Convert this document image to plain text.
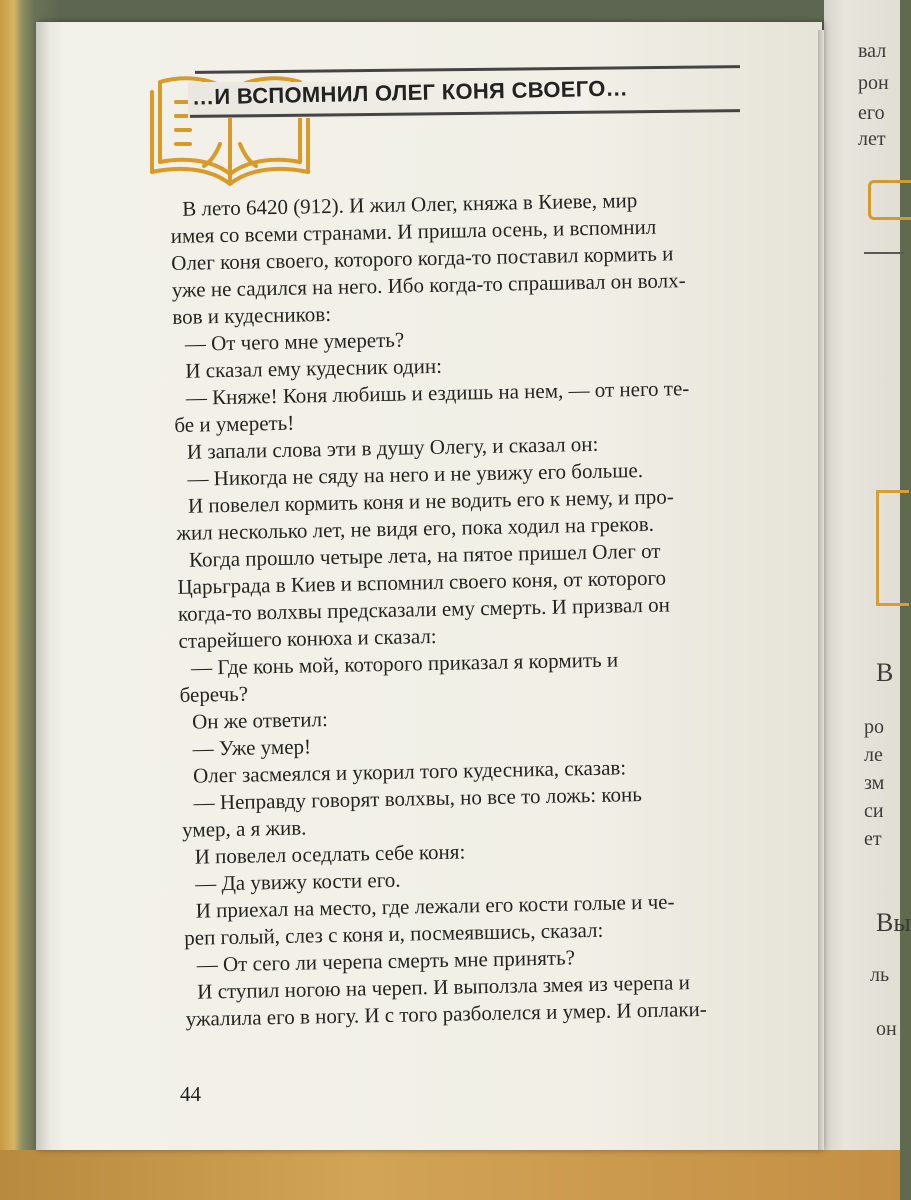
вал
рон
его
лет
В
ро
ле
зм
си
ет
Вы
ль
он
…И ВСПОМНИЛ ОЛЕГ КОНЯ СВОЕГО…
В лето 6420 (912). И жил Олег, княжа в Киеве, мир
имея со всеми странами. И пришла осень, и вспомнил
Олег коня своего, которого когда-то поставил кормить и
уже не садился на него. Ибо когда-то спрашивал он волх-
вов и кудесников:
— От чего мне умереть?
И сказал ему кудесник один:
— Княже! Коня любишь и ездишь на нем, — от него те-
бе и умереть!
И запали слова эти в душу Олегу, и сказал он:
— Никогда не сяду на него и не увижу его больше.
И повелел кормить коня и не водить его к нему, и про-
жил несколько лет, не видя его, пока ходил на греков.
Когда прошло четыре лета, на пятое пришел Олег от
Царьграда в Киев и вспомнил своего коня, от которого
когда-то волхвы предсказали ему смерть. И призвал он
старейшего конюха и сказал:
— Где конь мой, которого приказал я кормить и
беречь?
Он же ответил:
— Уже умер!
Олег засмеялся и укорил того кудесника, сказав:
— Неправду говорят волхвы, но все то ложь: конь
умер, а я жив.
И повелел оседлать себе коня:
— Да увижу кости его.
И приехал на место, где лежали его кости голые и че-
реп голый, слез с коня и, посмеявшись, сказал:
— От сего ли черепа смерть мне принять?
И ступил ногою на череп. И выползла змея из черепа и
ужалила его в ногу. И с того разболелся и умер. И оплаки-
44
